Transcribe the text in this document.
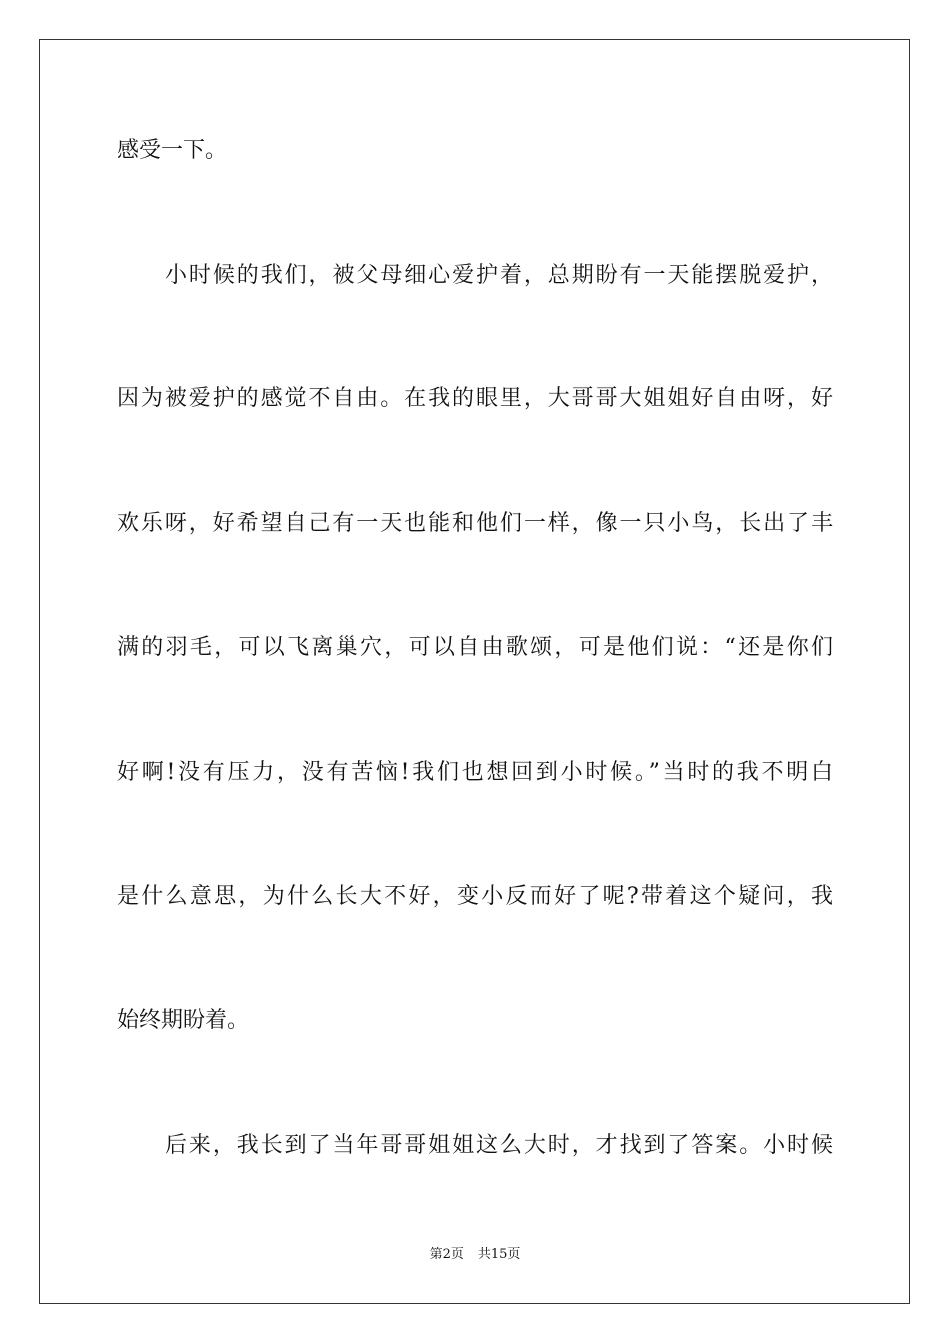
感受一下。

小时候的我们，被父母细心爱护着，总期盼有一天能摆脱爱护，

因为被爱护的感觉不自由。在我的眼里，大哥哥大姐姐好自由呀，好

欢乐呀，好希望自己有一天也能和他们一样，像一只小鸟，长出了丰

满的羽毛，可以飞离巢穴，可以自由歌颂，可是他们说：“还是你们

好啊!没有压力，没有苦恼!我们也想回到小时候。”当时的我不明白

是什么意思，为什么长大不好，变小反而好了呢?带着这个疑问，我

始终期盼着。

后来，我长到了当年哥哥姐姐这么大时，才找到了答案。小时候

第2页 共15页
